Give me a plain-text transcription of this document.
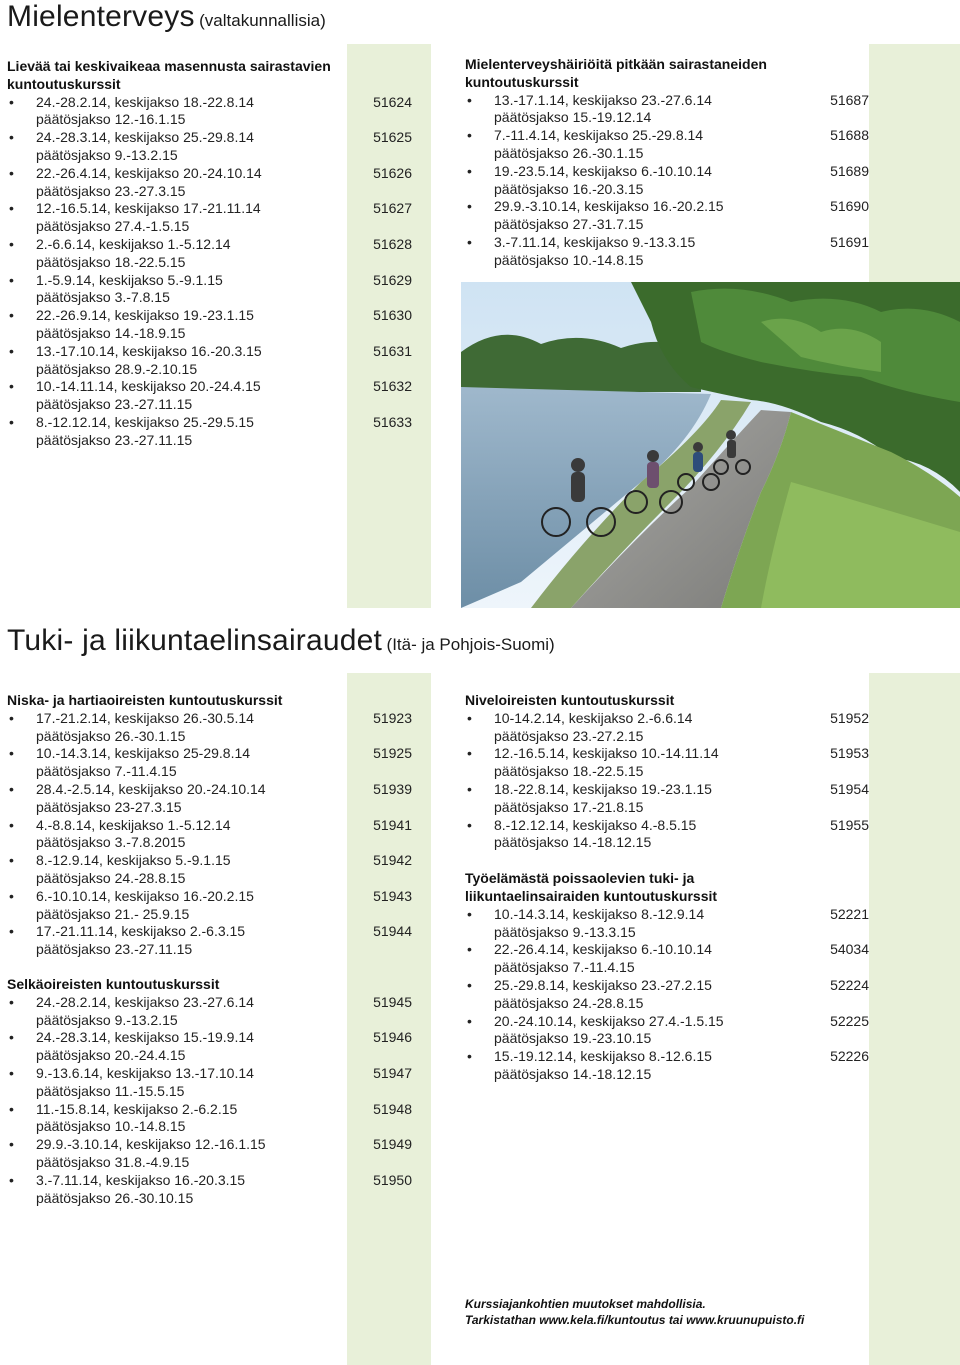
Mielenterveys (valtakunnallisia)
Tuki- ja liikuntaelinsairaudet (Itä- ja Pohjois-Suomi)
Lievää tai keskivaikeaa masennusta sairastavien kuntoutuskurssit
• 24.-28.2.14, keskijakso 18.-22.8.14
päätösjakso 12.-16.1.15
51624
• 24.-28.3.14, keskijakso 25.-29.8.14
päätösjakso 9.-13.2.15
51625
• 22.-26.4.14, keskijakso 20.-24.10.14
päätösjakso 23.-27.3.15
51626
• 12.-16.5.14, keskijakso 17.-21.11.14
päätösjakso 27.4.-1.5.15
51627
• 2.-6.6.14, keskijakso 1.-5.12.14
päätösjakso 18.-22.5.15
51628
• 1.-5.9.14, keskijakso 5.-9.1.15
päätösjakso 3.-7.8.15
51629
• 22.-26.9.14, keskijakso 19.-23.1.15
päätösjakso 14.-18.9.15
51630
• 13.-17.10.14, keskijakso 16.-20.3.15
päätösjakso 28.9.-2.10.15
51631
• 10.-14.11.14, keskijakso 20.-24.4.15
päätösjakso 23.-27.11.15
51632
• 8.-12.12.14, keskijakso 25.-29.5.15
päätösjakso 23.-27.11.15
51633
Mielenterveyshäiriöitä pitkään sairastaneiden kuntoutuskurssit
• 13.-17.1.14, keskijakso 23.-27.6.14
päätösjakso 15.-19.12.14
51687
• 7.-11.4.14, keskijakso 25.-29.8.14
päätösjakso 26.-30.1.15
51688
• 19.-23.5.14, keskijakso 6.-10.10.14
päätösjakso 16.-20.3.15
51689
• 29.9.-3.10.14, keskijakso 16.-20.2.15
päätösjakso 27.-31.7.15
51690
• 3.-7.11.14, keskijakso 9.-13.3.15
päätösjakso 10.-14.8.15
51691
Niska- ja hartiaoireisten kuntoutuskurssit
• 17.-21.2.14, keskijakso 26.-30.5.14
päätösjakso 26.-30.1.15
51923
• 10.-14.3.14, keskijakso 25-29.8.14
päätösjakso 7.-11.4.15
51925
• 28.4.-2.5.14, keskijakso 20.-24.10.14
päätösjakso 23-27.3.15
51939
• 4.-8.8.14, keskijakso 1.-5.12.14
päätösjakso 3.-7.8.2015
51941
• 8.-12.9.14, keskijakso 5.-9.1.15
päätösjakso 24.-28.8.15
51942
• 6.-10.10.14, keskijakso 16.-20.2.15
päätösjakso 21.- 25.9.15
51943
• 17.-21.11.14, keskijakso 2.-6.3.15
päätösjakso 23.-27.11.15
51944
Selkäoireisten kuntoutuskurssit
• 24.-28.2.14, keskijakso 23.-27.6.14
päätösjakso 9.-13.2.15
51945
• 24.-28.3.14, keskijakso 15.-19.9.14
päätösjakso 20.-24.4.15
51946
• 9.-13.6.14, keskijakso 13.-17.10.14
päätösjakso 11.-15.5.15
51947
• 11.-15.8.14, keskijakso 2.-6.2.15
päätösjakso 10.-14.8.15
51948
• 29.9.-3.10.14, keskijakso 12.-16.1.15
päätösjakso 31.8.-4.9.15
51949
• 3.-7.11.14, keskijakso 16.-20.3.15
päätösjakso 26.-30.10.15
51950
Niveloireisten kuntoutuskurssit
• 10-14.2.14, keskijakso 2.-6.6.14
päätösjakso 23.-27.2.15
51952
• 12.-16.5.14, keskijakso 10.-14.11.14
päätösjakso 18.-22.5.15
51953
• 18.-22.8.14, keskijakso 19.-23.1.15
päätösjakso 17.-21.8.15
51954
• 8.-12.12.14, keskijakso 4.-8.5.15
päätösjakso 14.-18.12.15
51955
Työelämästä poissaolevien tuki- ja liikuntaelinsairaiden kuntoutuskurssit
• 10.-14.3.14, keskijakso 8.-12.9.14
päätösjakso 9.-13.3.15
52221
• 22.-26.4.14, keskijakso 6.-10.10.14
päätösjakso 7.-11.4.15
54034
• 25.-29.8.14, keskijakso 23.-27.2.15
päätösjakso 24.-28.8.15
52224
• 20.-24.10.14, keskijakso 27.4.-1.5.15
päätösjakso 19.-23.10.15
52225
• 15.-19.12.14, keskijakso 8.-12.6.15
päätösjakso 14.-18.12.15
52226
Kurssiajankohtien muutokset mahdollisia.
Tarkistathan www.kela.fi/kuntoutus tai www.kruunupuisto.fi
